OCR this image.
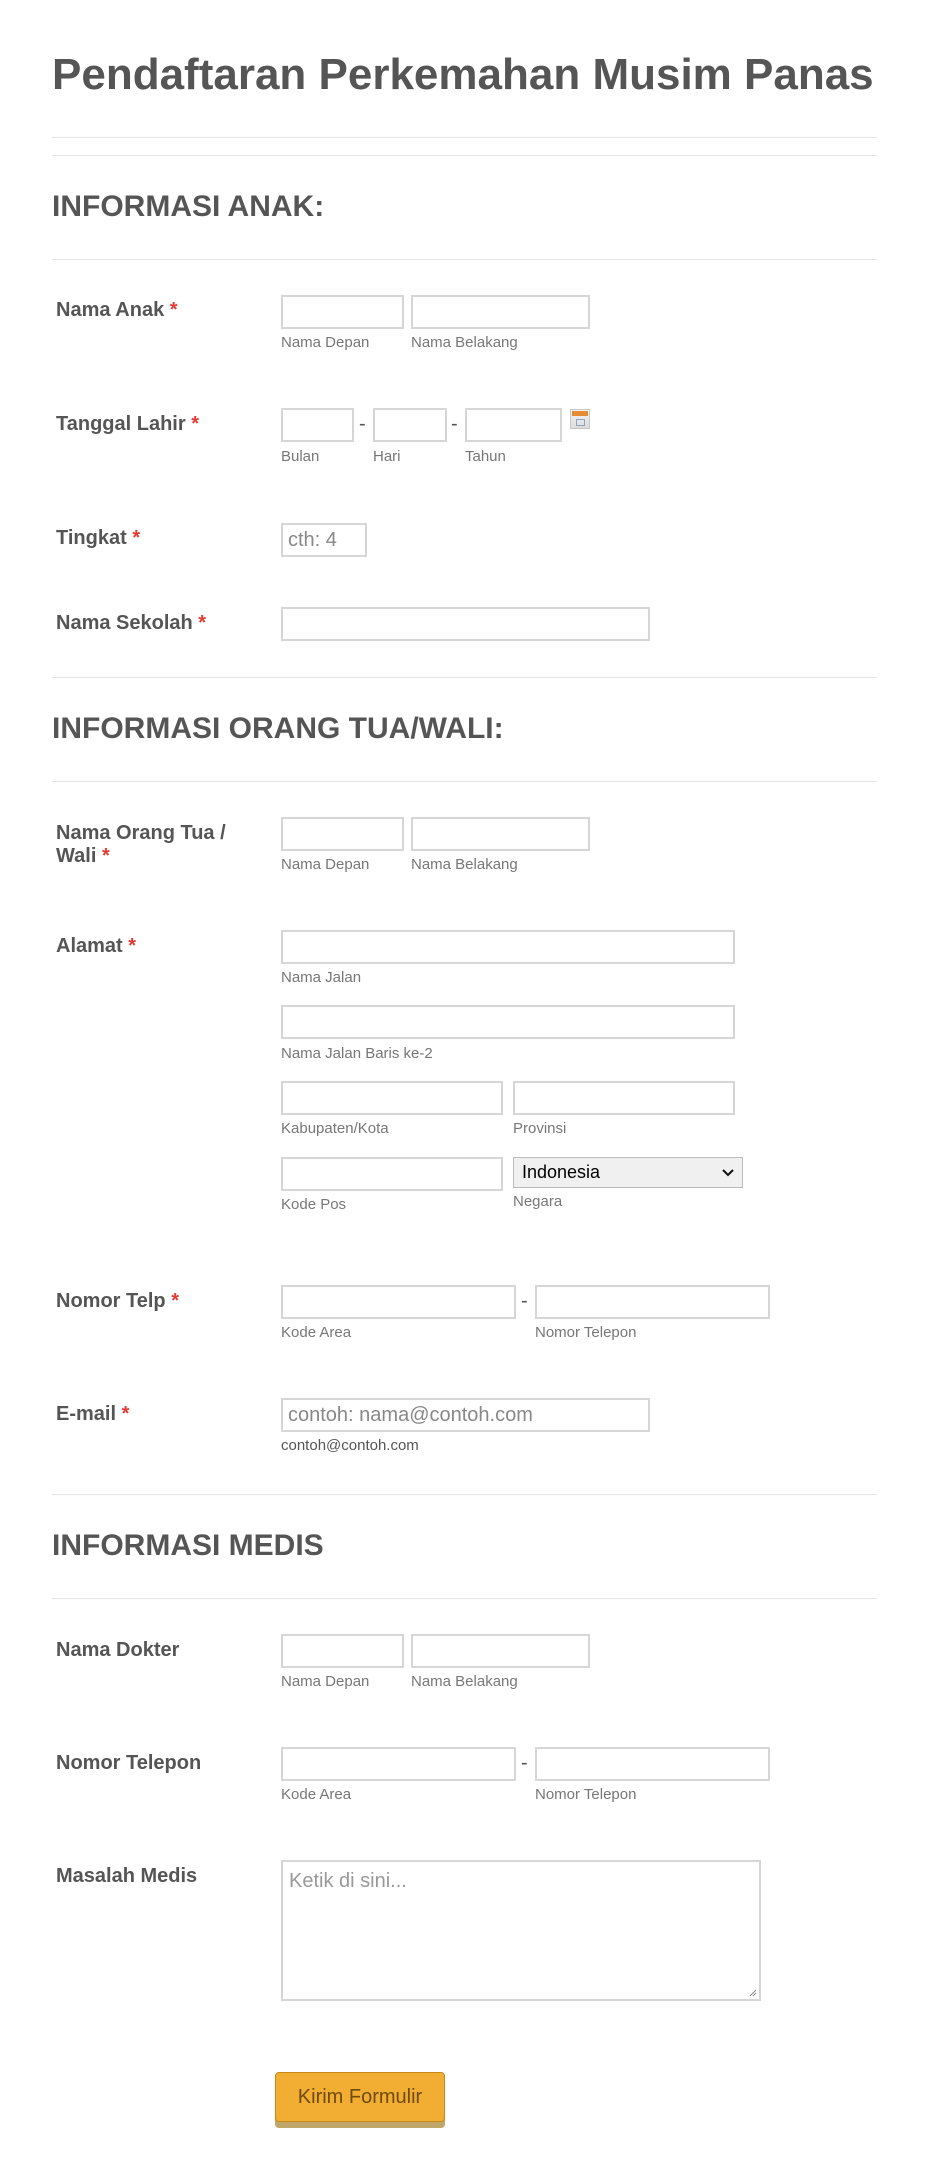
Pendaftaran Perkemahan Musim Panas
INFORMASI ANAK:
Nama Anak *
Nama Depan	Nama Belakang
Tanggal Lahir *	-	-
Bulan	Hari	Tahun
Tingkat *	cth: 4
Nama Sekolah *
INFORMASI ORANG TUA/WALI:
Nama Orang Tua /
Wali *	Nama Depan	Nama Belakang
Alamat *
Nama Jalan
Nama Jalan Baris ke-2
Kabupaten/Kota	Provinsi
Indonesia
Kode Pos	Negara
Nomor Telp *	-
Kode Area	Nomor Telepon
E-mail *	contoh: nama@contoh.com
contoh@contoh.com
INFORMASI MEDIS
Nama Dokter
Nama Depan	Nama Belakang
Nomor Telepon	-
Kode Area	Nomor Telepon
Masalah Medis	Ketik di sini...
Kirim Formulir
